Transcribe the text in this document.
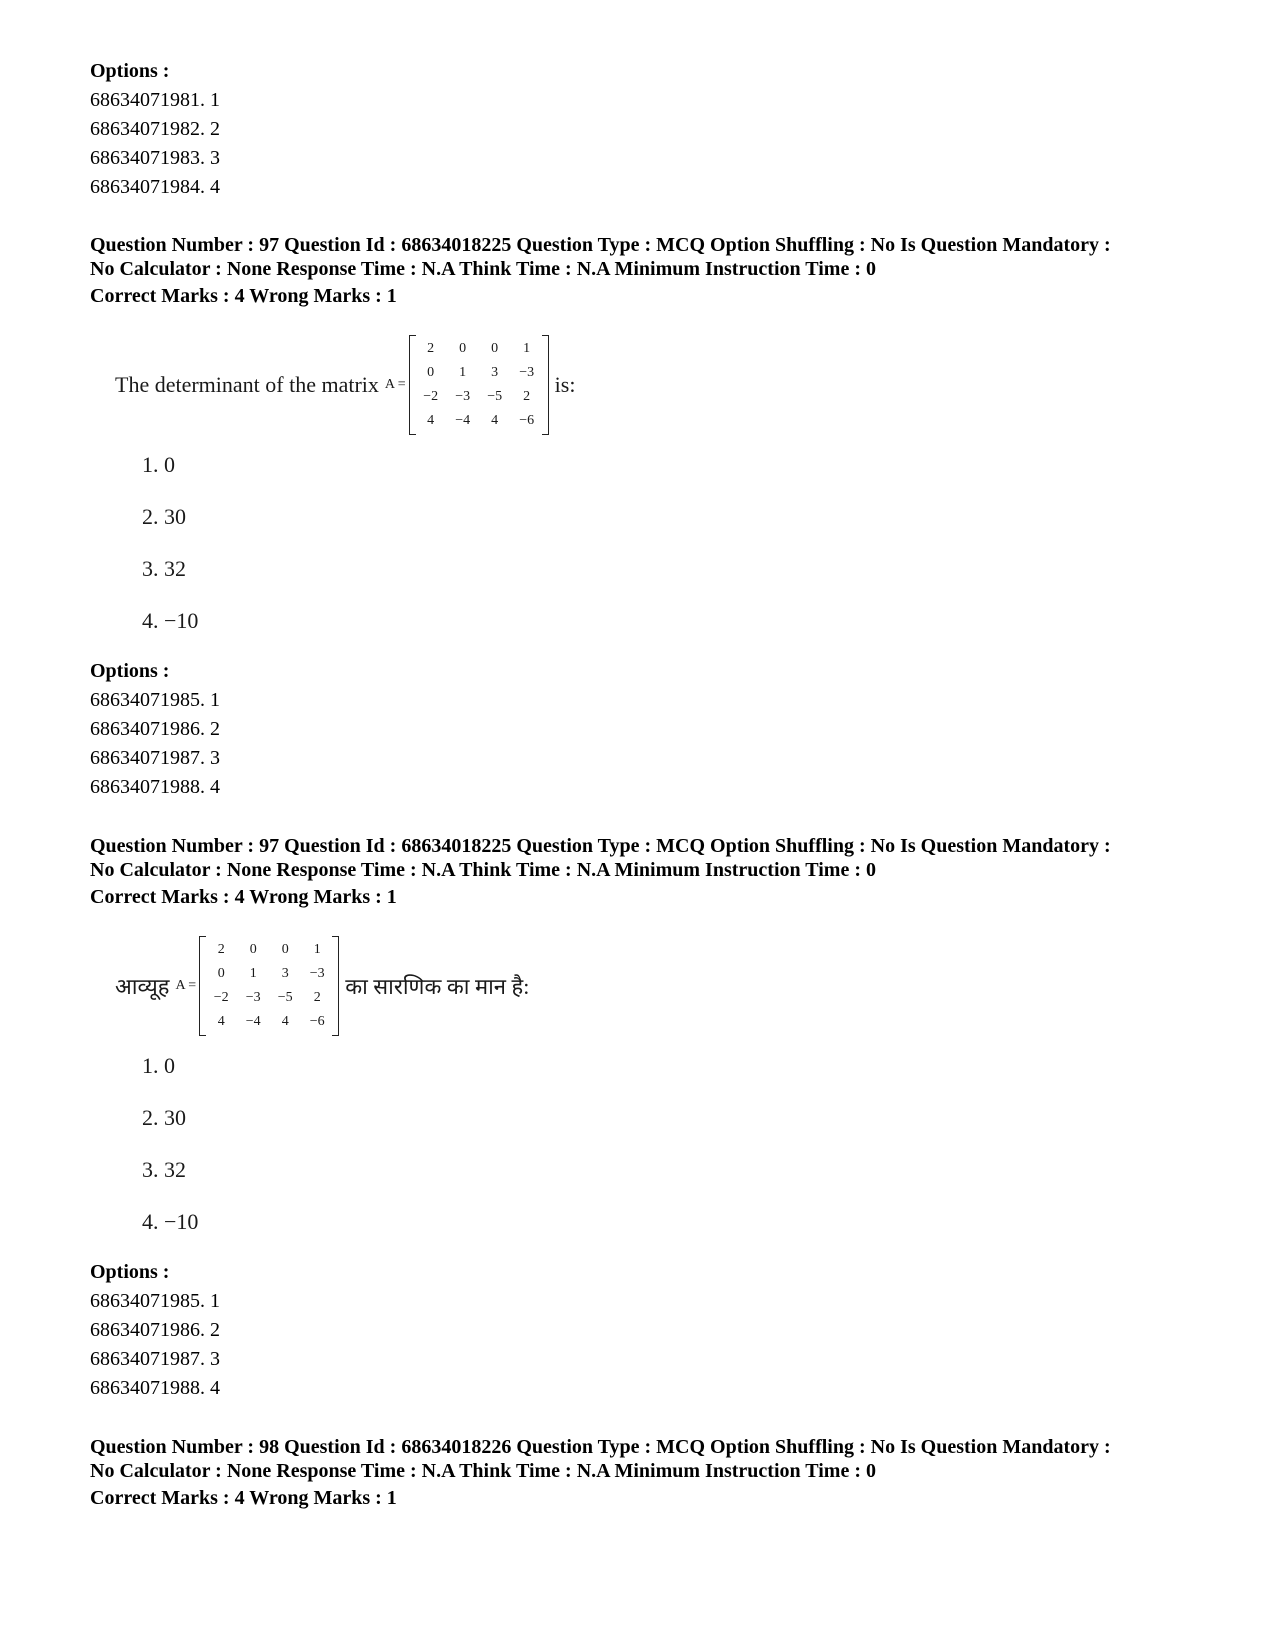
Options :
68634071981. 1
68634071982. 2
68634071983. 3
68634071984. 4
Question Number : 97 Question Id : 68634018225 Question Type : MCQ Option Shuffling : No Is Question Mandatory :
No Calculator : None Response Time : N.A Think Time : N.A Minimum Instruction Time : 0
Correct Marks : 4 Wrong Marks : 1
The determinant of the matrix A =
2	0	0	1
0	1	3	−3
−2	−3	−5	2
4	−4	4	−6
is:
1. 0
2. 30
3. 32
4. −10
Options :
68634071985. 1
68634071986. 2
68634071987. 3
68634071988. 4
Question Number : 97 Question Id : 68634018225 Question Type : MCQ Option Shuffling : No Is Question Mandatory :
No Calculator : None Response Time : N.A Think Time : N.A Minimum Instruction Time : 0
Correct Marks : 4 Wrong Marks : 1
आव्यूह A =
2	0	0	1
0	1	3	−3
−2	−3	−5	2
4	−4	4	−6
का सारणिक का मान है:
1. 0
2. 30
3. 32
4. −10
Options :
68634071985. 1
68634071986. 2
68634071987. 3
68634071988. 4
Question Number : 98 Question Id : 68634018226 Question Type : MCQ Option Shuffling : No Is Question Mandatory :
No Calculator : None Response Time : N.A Think Time : N.A Minimum Instruction Time : 0
Correct Marks : 4 Wrong Marks : 1
